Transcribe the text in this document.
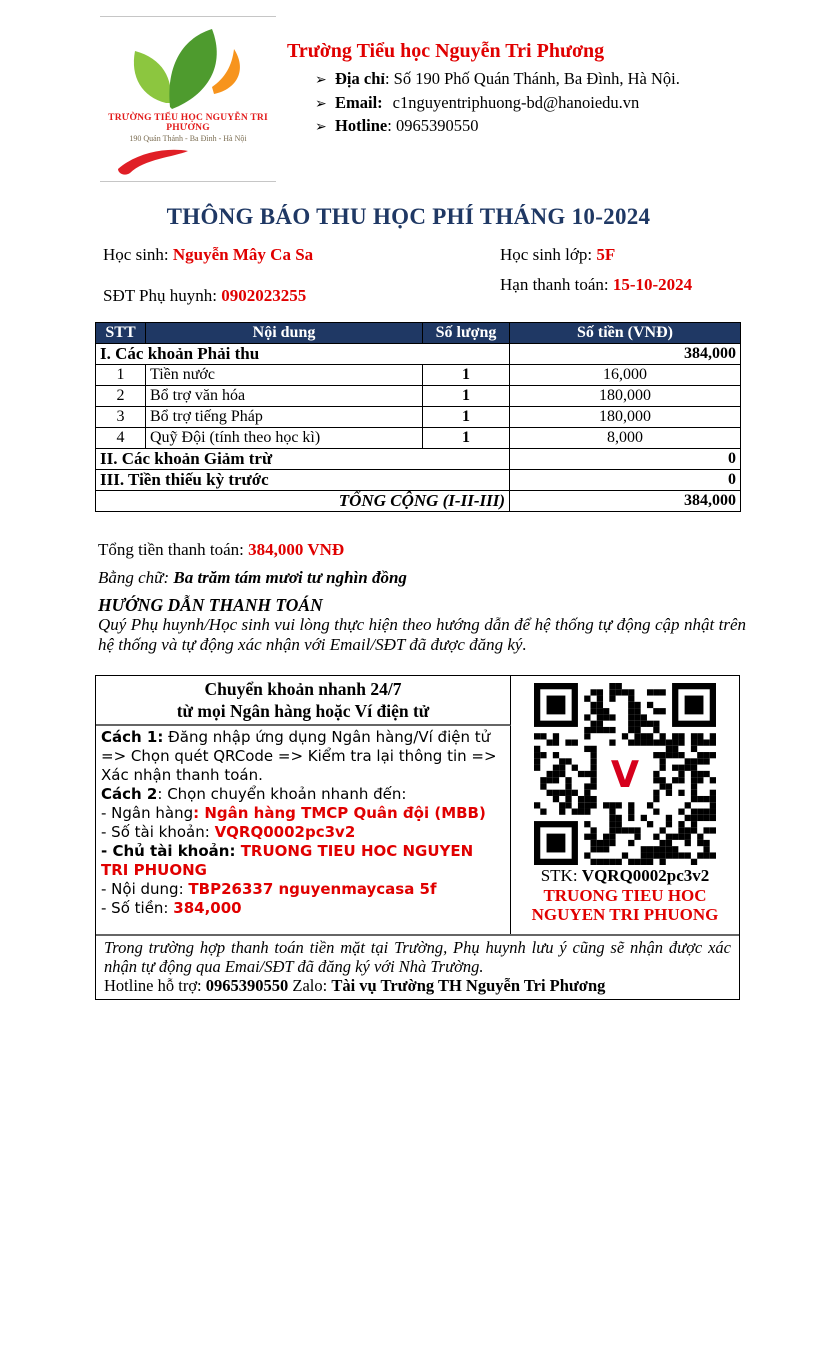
TRƯỜNG TIỂU HỌC NGUYỄN TRI PHƯƠNG
190 Quán Thánh - Ba Đình - Hà Nội
Trường Tiểu học Nguyễn Tri Phương
➢ Địa chỉ: Số 190 Phố Quán Thánh, Ba Đình, Hà Nội.
➢ Email: c1nguyentriphuong-bd@hanoiedu.vn
➢ Hotline: 0965390550
THÔNG BÁO THU HỌC PHÍ THÁNG 10-2024
Học sinh: Nguyễn Mây Ca Sa	Học sinh lớp: 5F
SĐT Phụ huynh: 0902023255
Hạn thanh toán: 15-10-2024
STT	Nội dung	Số lượng	Số tiền (VNĐ)
I. Các khoản Phải thu			384,000
1	Tiền nước	1	16,000
2	Bổ trợ văn hóa	1	180,000
3	Bổ trợ tiếng Pháp	1	180,000
4	Quỹ Đội (tính theo học kì)	1	8,000
II. Các khoản Giảm trừ			0
III. Tiền thiếu kỳ trước			0
TỔNG CỘNG (I-II-III)			384,000
Tổng tiền thanh toán: 384,000 VNĐ
Bằng chữ: Ba trăm tám mươi tư nghìn đồng
HƯỚNG DẪN THANH TOÁN
Quý Phụ huynh/Học sinh vui lòng thực hiện theo hướng dẫn để hệ thống tự động cập nhật trên hệ thống và tự động xác nhận với Email/SĐT đã được đăng ký.
Chuyển khoản nhanh 24/7
từ mọi Ngân hàng hoặc Ví điện tử
Cách 1: Đăng nhập ứng dụng Ngân hàng/Ví điện tử => Chọn quét QRCode => Kiểm tra lại thông tin => Xác nhận thanh toán.
Cách 2: Chọn chuyển khoản nhanh đến:
- Ngân hàng: Ngân hàng TMCP Quân đội (MBB)
- Số tài khoản: VQRQ0002pc3v2
- Chủ tài khoản: TRUONG TIEU HOC NGUYEN TRI PHUONG
- Nội dung: TBP26337 nguyenmaycasa 5f
- Số tiền: 384,000
V
STK: VQRQ0002pc3v2
TRUONG TIEU HOC
NGUYEN TRI PHUONG
Trong trường hợp thanh toán tiền mặt tại Trường, Phụ huynh lưu ý cũng sẽ nhận được xác nhận tự động qua Emai/SĐT đã đăng ký với Nhà Trường.
Hotline hỗ trợ: 0965390550 Zalo: Tài vụ Trường TH Nguyễn Tri Phương
